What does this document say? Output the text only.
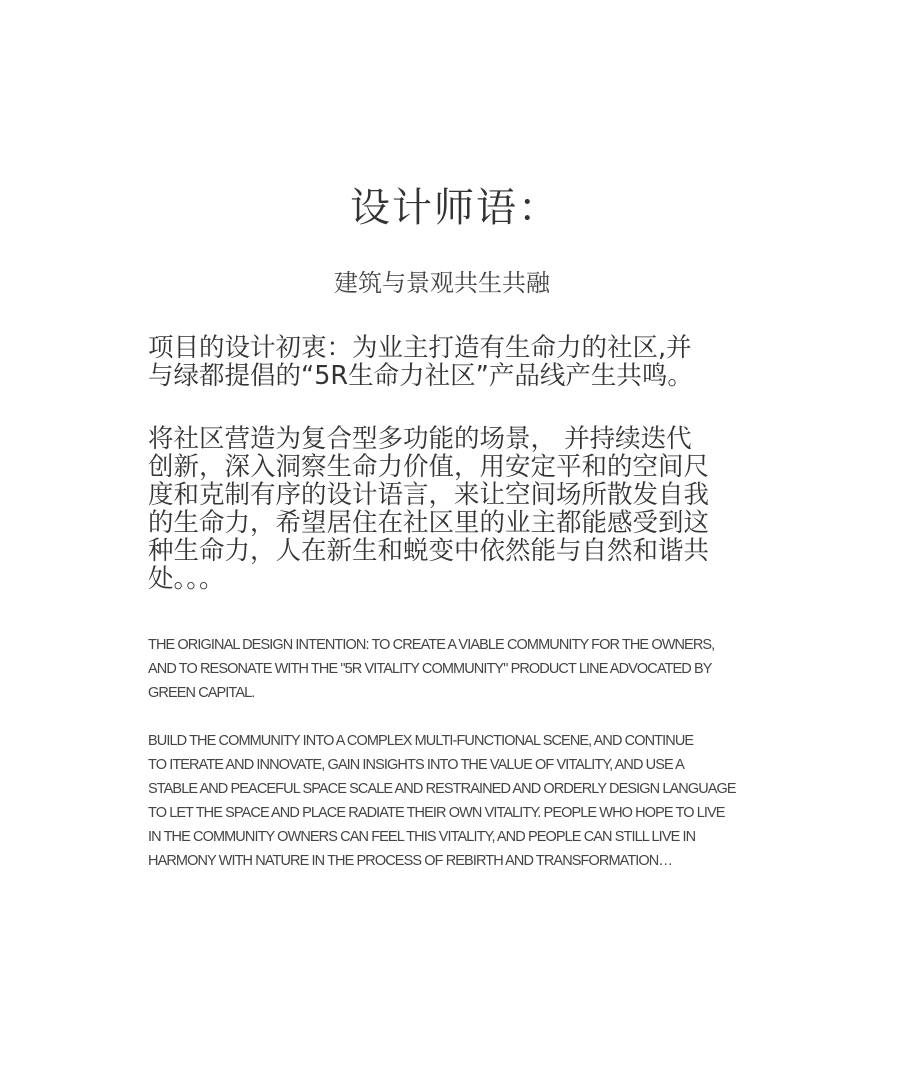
设计师语：
建筑与景观共生共融

项目的设计初衷：为业主打造有生命力的社区,并
与绿都提倡的“5R生命力社区”产品线产生共鸣。

将社区营造为复合型多功能的场景， 并持续迭代
创新，深入洞察生命力价值，用安定平和的空间尺
度和克制有序的设计语言，来让空间场所散发自我
的生命力，希望居住在社区里的业主都能感受到这
种生命力，人在新生和蜕变中依然能与自然和谐共
处。。。

THE ORIGINAL DESIGN INTENTION: TO CREATE A VIABLE COMMUNITY FOR THE OWNERS,
AND TO RESONATE WITH THE "5R VITALITY COMMUNITY" PRODUCT LINE ADVOCATED BY
GREEN CAPITAL.

BUILD THE COMMUNITY INTO A COMPLEX MULTI-FUNCTIONAL SCENE, AND CONTINUE
TO ITERATE AND INNOVATE, GAIN INSIGHTS INTO THE VALUE OF VITALITY, AND USE A
STABLE AND PEACEFUL SPACE SCALE AND RESTRAINED AND ORDERLY DESIGN LANGUAGE
TO LET THE SPACE AND PLACE RADIATE THEIR OWN VITALITY. PEOPLE WHO HOPE TO LIVE
IN THE COMMUNITY OWNERS CAN FEEL THIS VITALITY, AND PEOPLE CAN STILL LIVE IN
HARMONY WITH NATURE IN THE PROCESS OF REBIRTH AND TRANSFORMATION…
